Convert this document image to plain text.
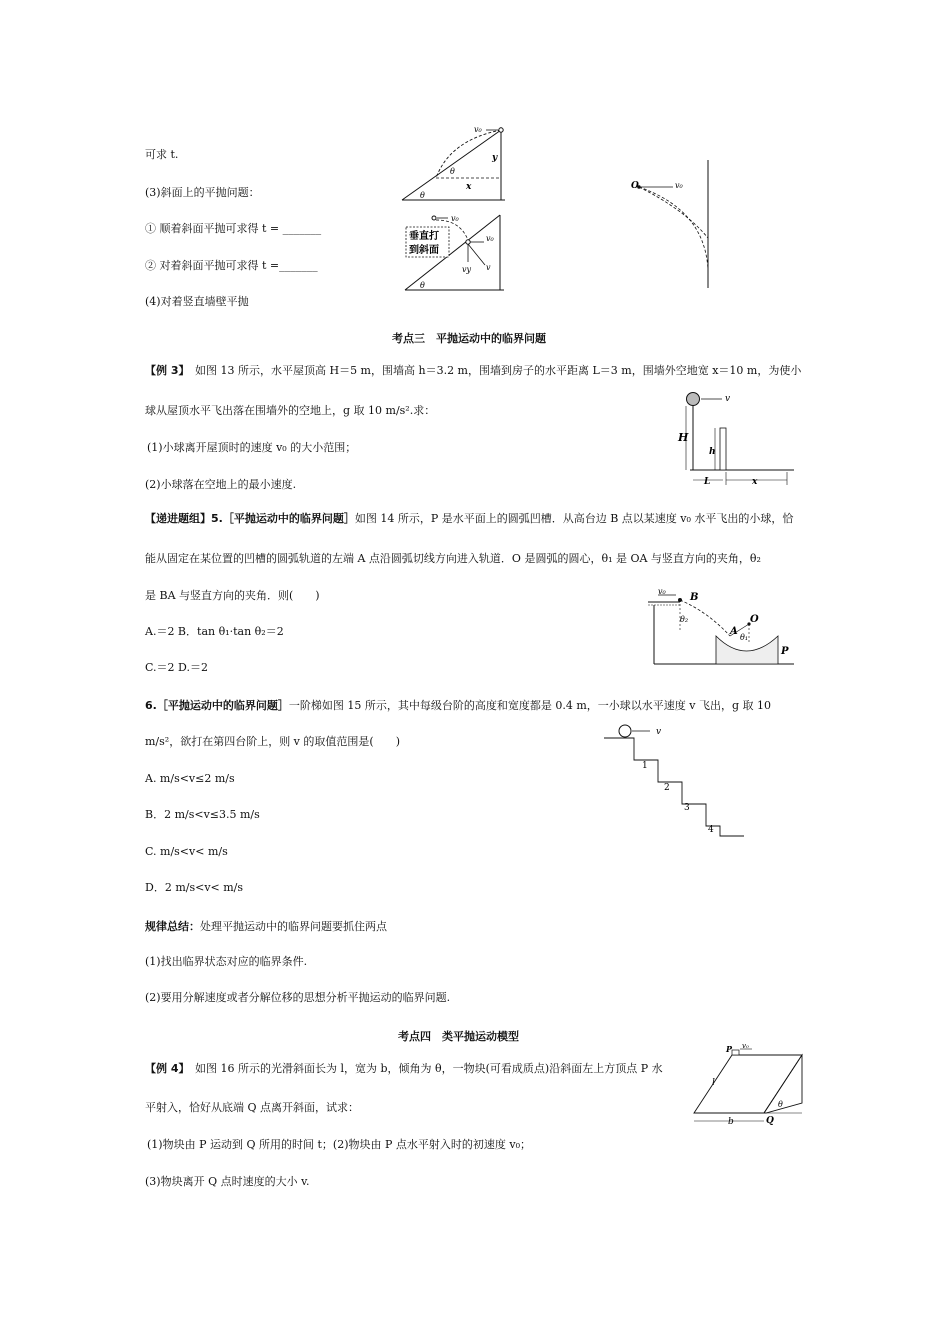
可求 t.
(3)斜面上的平抛问题：
① 顺着斜面平抛可求得 t = _______
② 对着斜面平抛可求得 t =_______
(4)对着竖直墙壁平抛
v₀
y
x
θ
θ
v₀
垂直打
到斜面
v₀
vy v
θ
O	v₀
考点三　平抛运动中的临界问题
【例 3】　 如图 13 所示，水平屋顶高 H＝5 m，围墙高 h＝3.2 m，围墙到房子的水平距离 L＝3 m，围墙外空地宽 x＝10 m，为使小
球从屋顶水平飞出落在围墙外的空地上，g 取 10 m/s².求：
(1)小球离开屋顶时的速度 v₀ 的大小范围；
(2)小球落在空地上的最小速度.
v
H
h
L	x
【递进题组】5.［平抛运动中的临界问题］如图 14 所示，P 是水平面上的圆弧凹槽．从高台边 B 点以某速度 v₀ 水平飞出的小球，恰
能从固定在某位置的凹槽的圆弧轨道的左端 A 点沿圆弧切线方向进入轨道．O 是圆弧的圆心，θ₁ 是 OA 与竖直方向的夹角，θ₂
是 BA 与竖直方向的夹角．则(　　)
A.＝2 B．tan θ₁·tan θ₂＝2
C.＝2 D.＝2
v₀
B
θ₂	O
A
θ₁
P
6.［平抛运动中的临界问题］一阶梯如图 15 所示，其中每级台阶的高度和宽度都是 0.4 m，一小球以水平速度 v 飞出，g 取 10
m/s²，欲打在第四台阶上，则 v 的取值范围是(　　)
A. m/s<v≤2 m/s
B．2 m/s<v≤3.5 m/s
C. m/s<v< m/s
D．2 m/s<v< m/s
v
1
2
3
4
规律总结：处理平抛运动中的临界问题要抓住两点
(1)找出临界状态对应的临界条件.
(2)要用分解速度或者分解位移的思想分析平抛运动的临界问题.
考点四　类平抛运动模型
【例 4】　 如图 16 所示的光滑斜面长为 l，宽为 b，倾角为 θ，一物块(可看成质点)沿斜面左上方顶点 P 水
平射入，恰好从底端 Q 点离开斜面，试求：
(1)物块由 P 运动到 Q 所用的时间 t；(2)物块由 P 点水平射入时的初速度 v₀；
(3)物块离开 Q 点时速度的大小 v.
P v₀
l
b	Q
θ
